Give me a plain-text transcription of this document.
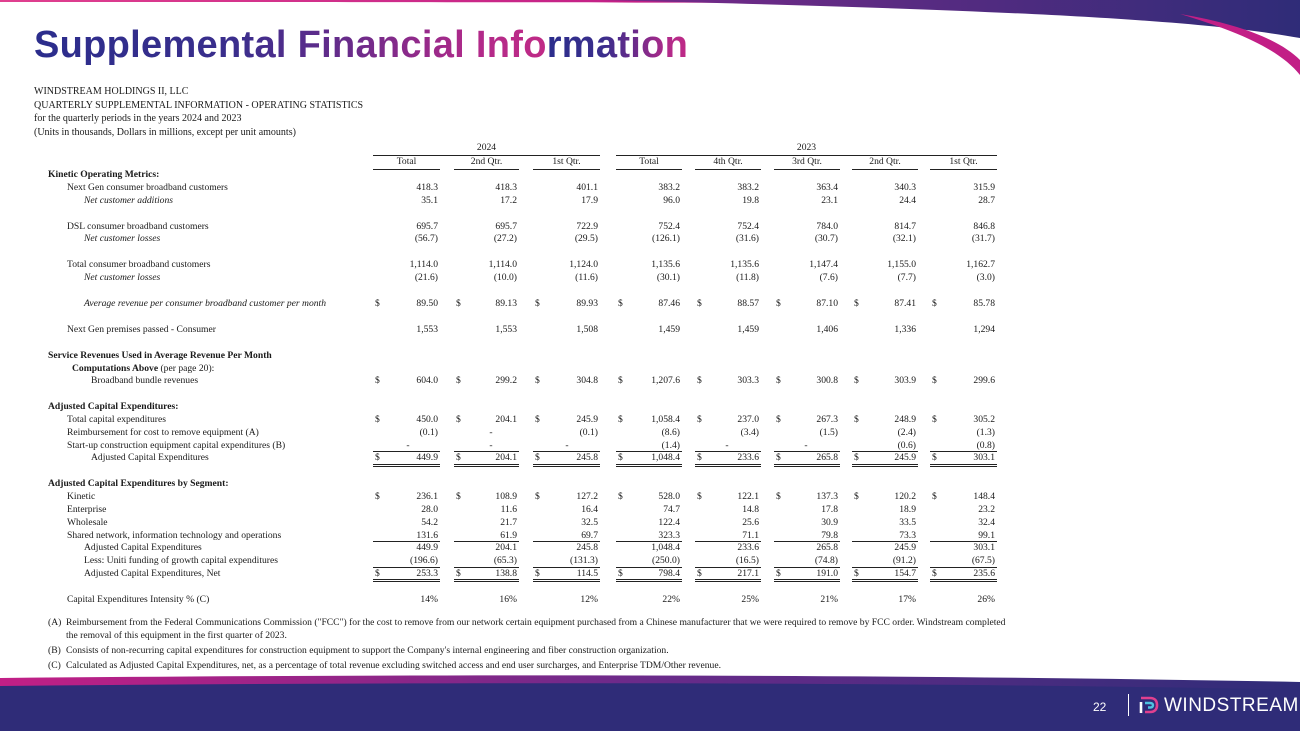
Supplemental Financial Information
WINDSTREAM HOLDINGS II, LLC
QUARTERLY SUPPLEMENTAL INFORMATION - OPERATING STATISTICS
for the quarterly periods in the years 2024 and 2023
(Units in thousands, Dollars in millions, except per unit amounts)
2024	2023
Total	2nd Qtr.	1st Qtr.	Total	4th Qtr.	3rd Qtr.	2nd Qtr.	1st Qtr.
Kinetic Operating Metrics:
Next Gen consumer broadband customers	418.3	418.3	401.1	383.2	383.2	363.4	340.3	315.9
Net customer additions	35.1	17.2	17.9	96.0	19.8	23.1	24.4	28.7
DSL consumer broadband customers	695.7	695.7	722.9	752.4	752.4	784.0	814.7	846.8
Net customer losses	(56.7)	(27.2)	(29.5)	(126.1)	(31.6)	(30.7)	(32.1)	(31.7)
Total consumer broadband customers	1,114.0	1,114.0	1,124.0	1,135.6	1,135.6	1,147.4	1,155.0	1,162.7
Net customer losses	(21.6)	(10.0)	(11.6)	(30.1)	(11.8)	(7.6)	(7.7)	(3.0)
Average revenue per consumer broadband customer per month	$	89.50 $	89.13 $	89.93 $	87.46 $	88.57 $	87.10 $	87.41 $	85.78
Next Gen premises passed - Consumer	1,553	1,553	1,508	1,459	1,459	1,406	1,336	1,294
Service Revenues Used in Average Revenue Per Month
Computations Above (per page 20):
Broadband bundle revenues	$	604.0 $	299.2 $	304.8 $	1,207.6 $	303.3 $	300.8 $	303.9 $	299.6
Adjusted Capital Expenditures:
Total capital expenditures	$	450.0 $	204.1 $	245.9 $	1,058.4 $	237.0 $	267.3 $	248.9 $	305.2
Reimbursement for cost to remove equipment (A)	(0.1)	-	(0.1)	(8.6)	(3.4)	(1.5)	(2.4)	(1.3)
Start-up construction equipment capital expenditures (B)	-	-	-	(1.4)	-	-	(0.6)	(0.8)
Adjusted Capital Expenditures	$	449.9 $	204.1 $	245.8 $	1,048.4 $	233.6 $	265.8 $	245.9 $	303.1
Adjusted Capital Expenditures by Segment:
Kinetic	$	236.1 $	108.9 $	127.2 $	528.0 $	122.1 $	137.3 $	120.2 $	148.4
Enterprise	28.0	11.6	16.4	74.7	14.8	17.8	18.9	23.2
Wholesale	54.2	21.7	32.5	122.4	25.6	30.9	33.5	32.4
Shared network, information technology and operations	131.6	61.9	69.7	323.3	71.1	79.8	73.3	99.1
Adjusted Capital Expenditures	449.9	204.1	245.8	1,048.4	233.6	265.8	245.9	303.1
Less: Uniti funding of growth capital expenditures	(196.6)	(65.3)	(131.3)	(250.0)	(16.5)	(74.8)	(91.2)	(67.5)
Adjusted Capital Expenditures, Net	$	253.3 $	138.8 $	114.5 $	798.4 $	217.1 $	191.0 $	154.7 $	235.6
Capital Expenditures Intensity % (C)	14%	16%	12%	22%	25%	21%	17%	26%
(A) Reimbursement from the Federal Communications Commission ("FCC") for the cost to remove from our network certain equipment purchased from a Chinese manufacturer that we were required to remove by FCC order. Windstream completed the removal of this equipment in the first quarter of 2023.
(B) Consists of non-recurring capital expenditures for construction equipment to support the Company's internal engineering and fiber construction organization.
(C) Calculated as Adjusted Capital Expenditures, net, as a percentage of total revenue excluding switched access and end user surcharges, and Enterprise TDM/Other revenue.
22	WINDSTREAM
